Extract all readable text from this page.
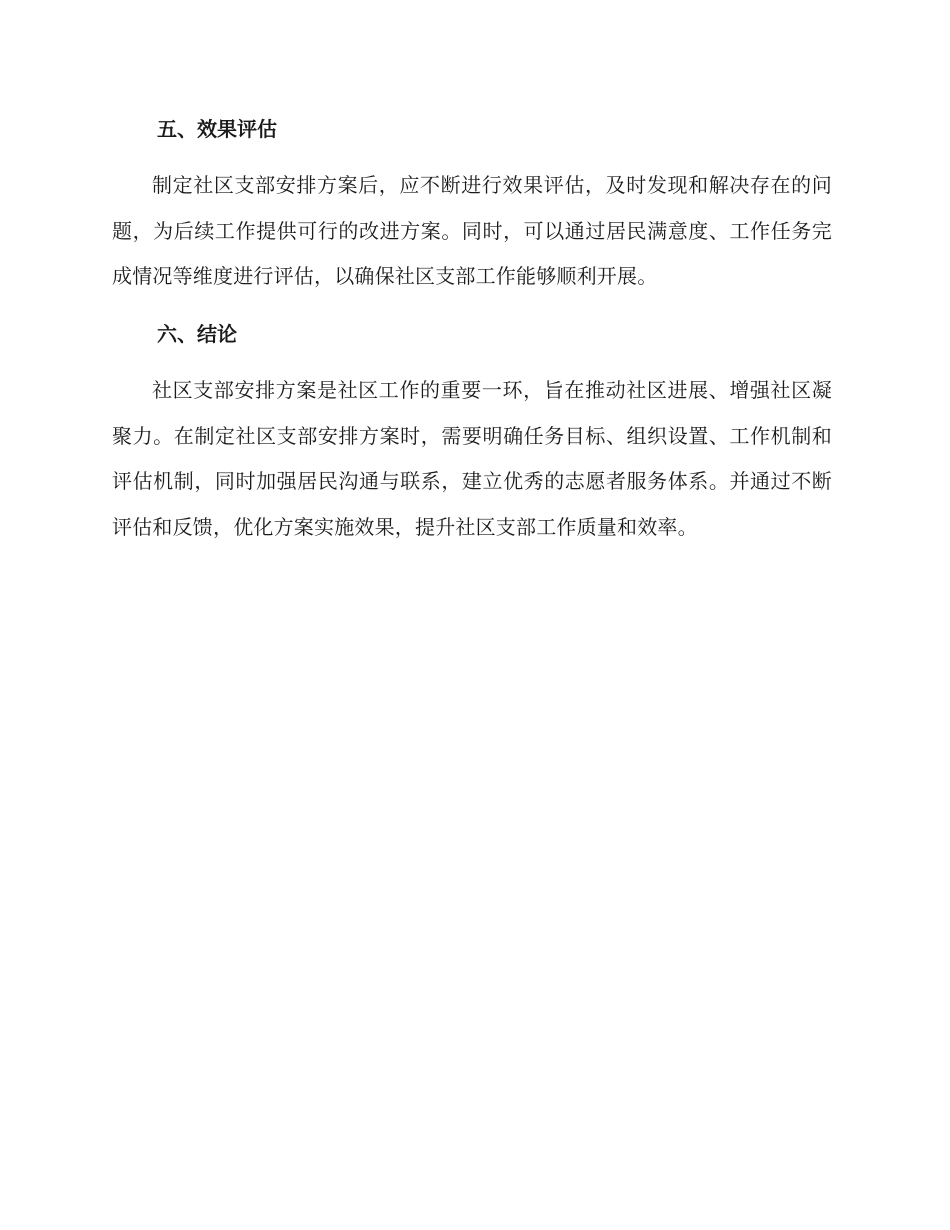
五、效果评估
制定社区支部安排方案后，应不断进行效果评估，及时发现和解决存在的问题，为后续工作提供可行的改进方案。同时，可以通过居民满意度、工作任务完成情况等维度进行评估，以确保社区支部工作能够顺利开展。
六、结论
社区支部安排方案是社区工作的重要一环，旨在推动社区进展、增强社区凝聚力。在制定社区支部安排方案时，需要明确任务目标、组织设置、工作机制和评估机制，同时加强居民沟通与联系，建立优秀的志愿者服务体系。并通过不断评估和反馈，优化方案实施效果，提升社区支部工作质量和效率。
